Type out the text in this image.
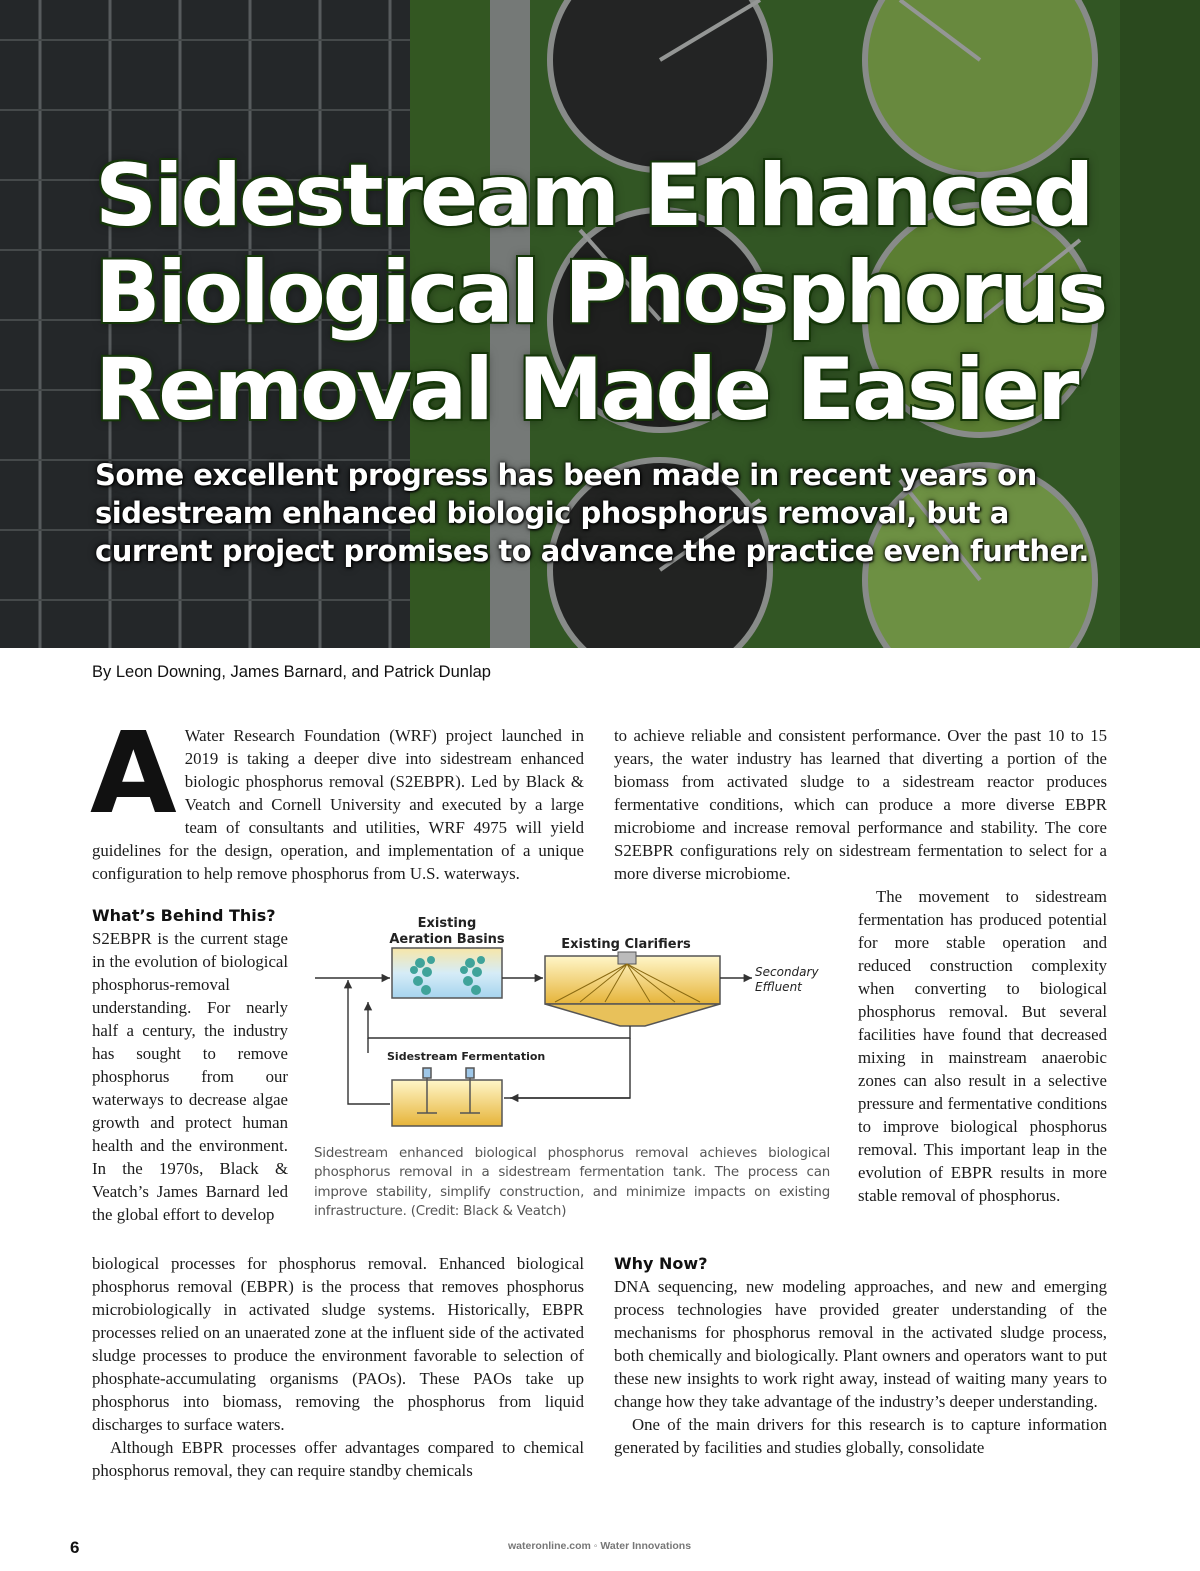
Sidestream Enhanced
Biological Phosphorus
Removal Made Easier

Some excellent progress has been made in recent years on
sidestream enhanced biologic phosphorus removal, but a
current project promises to advance the practice even further.

By Leon Downing, James Barnard, and Patrick Dunlap

A Water Research Foundation (WRF) project launched in 2019 is taking a deeper dive into sidestream enhanced biologic phosphorus removal (S2EBPR). Led by Black & Veatch and Cornell University and executed by a large team of consultants and utilities, WRF 4975 will yield guidelines for the design, operation, and implementation of a unique configuration to help remove phosphorus from U.S. waterways.

to achieve reliable and consistent performance. Over the past 10 to 15 years, the water industry has learned that diverting a portion of the biomass from activated sludge to a sidestream reactor produces fermentative conditions, which can produce a more diverse EBPR microbiome and increase removal performance and stability. The core S2EBPR configurations rely on sidestream fermentation to select for a more diverse microbiome.

What’s Behind This?

S2EBPR is the current stage in the evolution of biological phosphorus-removal understanding. For nearly half a century, the industry has sought to remove phosphorus from our waterways to decrease algae growth and protect human health and the environment. In the 1970s, Black & Veatch’s James Barnard led the global effort to develop

biological processes for phosphorus removal. Enhanced biological phosphorus removal (EBPR) is the process that removes phosphorus microbiologically in activated sludge systems. Historically, EBPR processes relied on an unaerated zone at the influent side of the activated sludge processes to produce the environment favorable to selection of phosphate-accumulating organisms (PAOs). These PAOs take up phosphorus into biomass, removing the phosphorus from liquid discharges to surface waters.

Although EBPR processes offer advantages compared to chemical phosphorus removal, they can require standby chemicals

The movement to sidestream fermentation has produced potential for more stable operation and reduced construction complexity when converting to biological phosphorus removal. But several facilities have found that decreased mixing in mainstream anaerobic zones can also result in a selective pressure and fermentative conditions to improve biological phosphorus removal. This important leap in the evolution of EBPR results in more stable removal of phosphorus.

Why Now?

DNA sequencing, new modeling approaches, and new and emerging process technologies have provided greater understanding of the mechanisms for phosphorus removal in the activated sludge process, both chemically and biologically. Plant owners and operators want to put these new insights to work right away, instead of waiting many years to change how they take advantage of the industry’s deeper understanding.

One of the main drivers for this research is to capture information generated by facilities and studies globally, consolidate

Existing
Aeration Basins	Existing Clarifiers
Secondary
Effluent
Sidestream Fermentation

Sidestream enhanced biological phosphorus removal achieves biological phosphorus removal in a sidestream fermentation tank. The process can improve stability, simplify construction, and minimize impacts on existing infrastructure. (Credit: Black & Veatch)

6	wateronline.com ◦ Water Innovations
